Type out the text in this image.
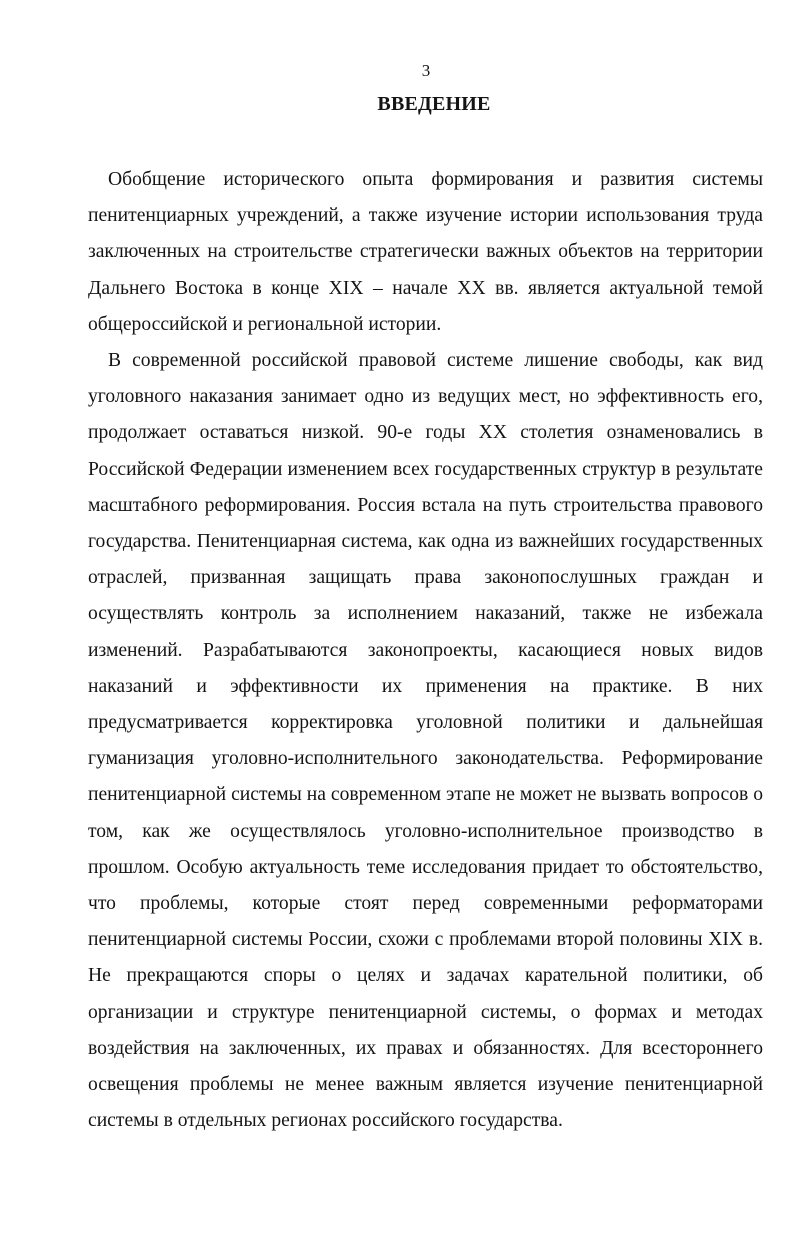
3
ВВЕДЕНИЕ

Обобщение исторического опыта формирования и развития системы пенитенциарных учреждений, а также изучение истории использования труда заключенных на строительстве стратегически важных объектов на территории Дальнего Востока в конце XIX – начале XX вв. является актуальной темой общероссийской и региональной истории.

В современной российской правовой системе лишение свободы, как вид уголовного наказания занимает одно из ведущих мест, но эффективность его, продолжает оставаться низкой. 90-е годы XX столетия ознаменовались в Российской Федерации изменением всех государственных структур в результате масштабного реформирования. Россия встала на путь строительства правового государства. Пенитенциарная система, как одна из важнейших государственных отраслей, призванная защищать права законопослушных граждан и осуществлять контроль за исполнением наказаний, также не избежала изменений. Разрабатываются законопроекты, касающиеся новых видов наказаний и эффективности их применения на практике. В них предусматривается корректировка уголовной политики и дальнейшая гуманизация уголовно-исполнительного законодательства. Реформирование пенитенциарной системы на современном этапе не может не вызвать вопросов о том, как же осуществлялось уголовно-исполнительное производство в прошлом. Особую актуальность теме исследования придает то обстоятельство, что проблемы, которые стоят перед современными реформаторами пенитенциарной системы России, схожи с проблемами второй половины XIX в. Не прекращаются споры о целях и задачах карательной политики, об организации и структуре пенитенциарной системы, о формах и методах воздействия на заключенных, их правах и обязанностях. Для всестороннего освещения проблемы не менее важным является изучение пенитенциарной системы в отдельных регионах российского государства.
